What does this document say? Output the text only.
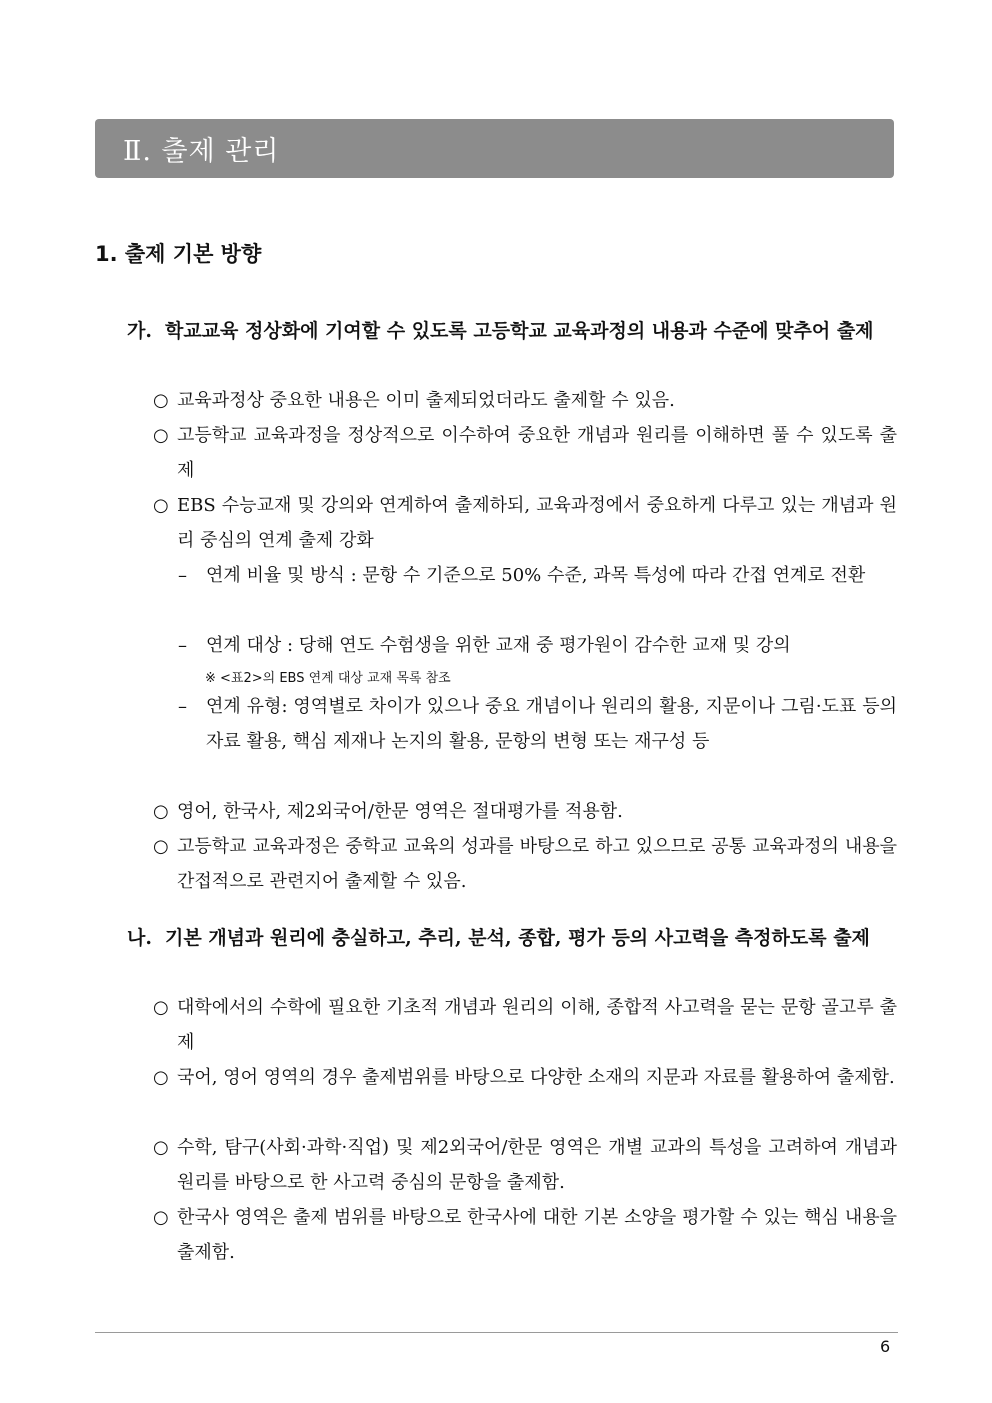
Ⅱ. 출제 관리
1. 출제 기본 방향
가. 학교교육 정상화에 기여할 수 있도록 고등학교 교육과정의 내용과 수준에 맞추어 출제
○ 교육과정상 중요한 내용은 이미 출제되었더라도 출제할 수 있음.
○ 고등학교 교육과정을 정상적으로 이수하여 중요한 개념과 원리를 이해하면 풀 수 있도록 출제
○ EBS 수능교재 및 강의와 연계하여 출제하되, 교육과정에서 중요하게 다루고 있는 개념과 원리 중심의 연계 출제 강화
– 연계 비율 및 방식 : 문항 수 기준으로 50% 수준, 과목 특성에 따라 간접 연계로 전환
– 연계 대상 : 당해 연도 수험생을 위한 교재 중 평가원이 감수한 교재 및 강의
※ <표2>의 EBS 연계 대상 교재 목록 참조
– 연계 유형: 영역별로 차이가 있으나 중요 개념이나 원리의 활용, 지문이나 그림·도표 등의 자료 활용, 핵심 제재나 논지의 활용, 문항의 변형 또는 재구성 등
○ 영어, 한국사, 제2외국어/한문 영역은 절대평가를 적용함.
○ 고등학교 교육과정은 중학교 교육의 성과를 바탕으로 하고 있으므로 공통 교육과정의 내용을 간접적으로 관련지어 출제할 수 있음.
나. 기본 개념과 원리에 충실하고, 추리, 분석, 종합, 평가 등의 사고력을 측정하도록 출제
○ 대학에서의 수학에 필요한 기초적 개념과 원리의 이해, 종합적 사고력을 묻는 문항 골고루 출제
○ 국어, 영어 영역의 경우 출제범위를 바탕으로 다양한 소재의 지문과 자료를 활용하여 출제함.
○ 수학, 탐구(사회·과학·직업) 및 제2외국어/한문 영역은 개별 교과의 특성을 고려하여 개념과 원리를 바탕으로 한 사고력 중심의 문항을 출제함.
○ 한국사 영역은 출제 범위를 바탕으로 한국사에 대한 기본 소양을 평가할 수 있는 핵심 내용을 출제함.
6
